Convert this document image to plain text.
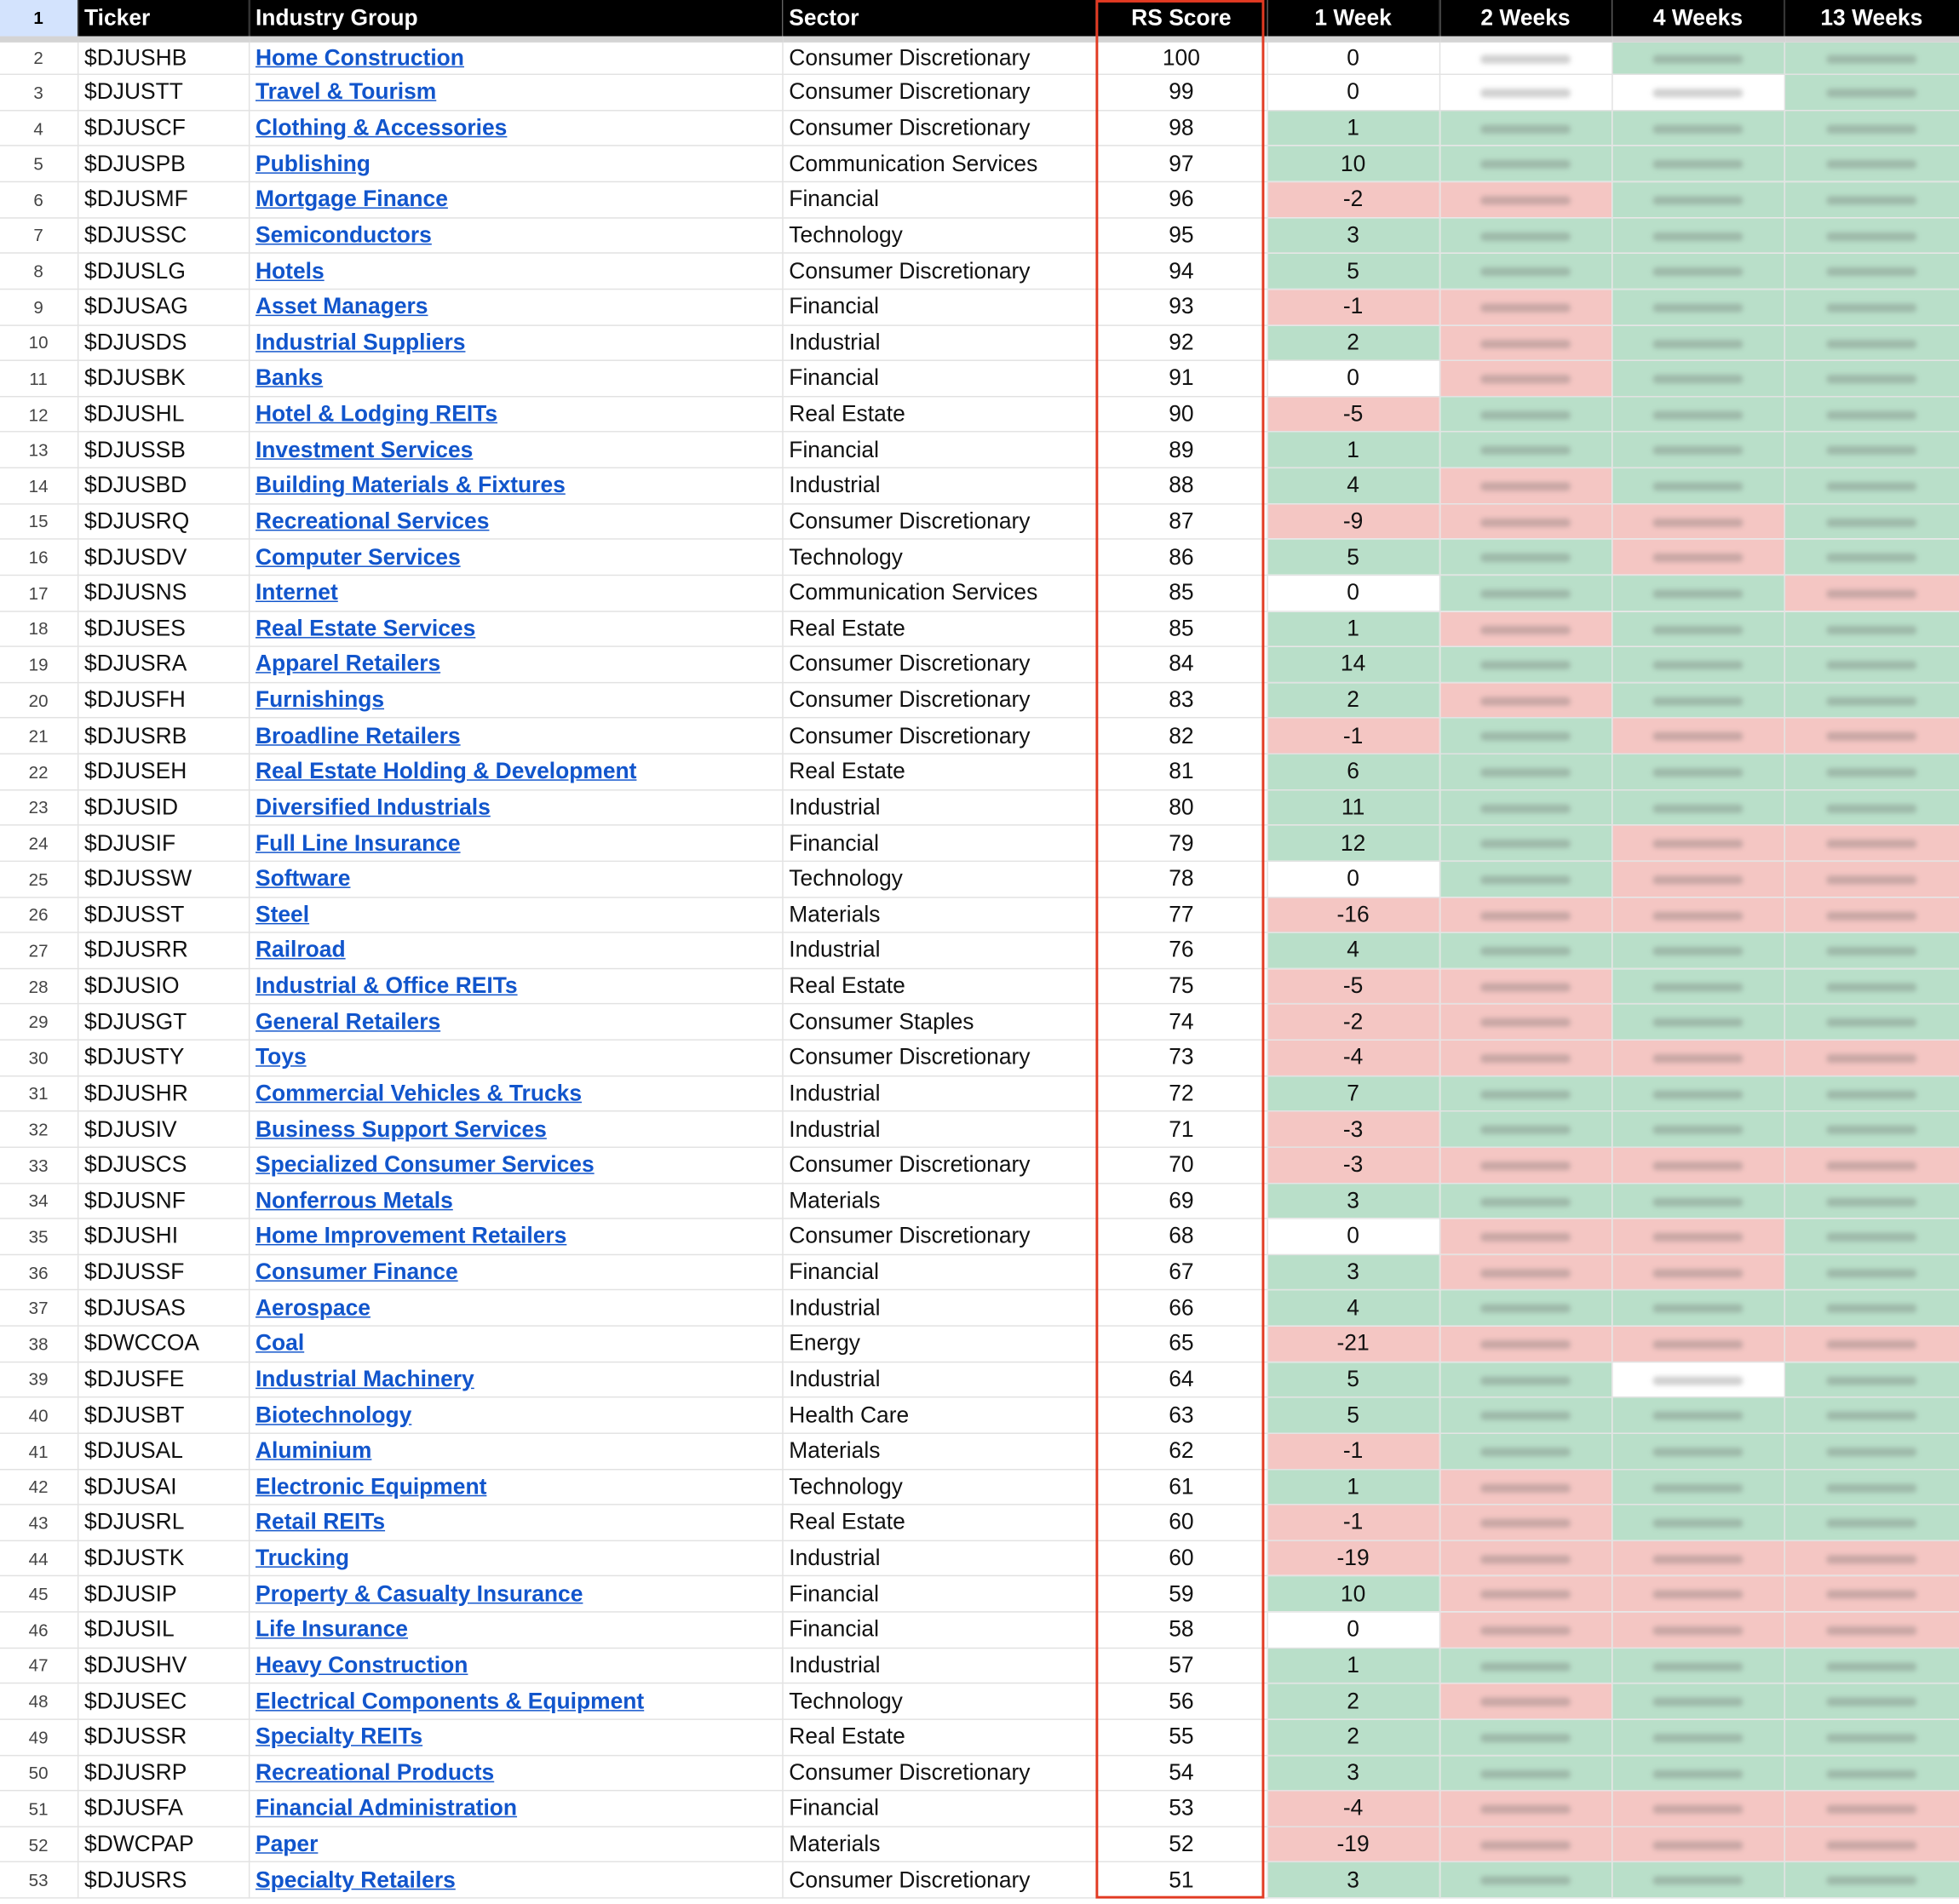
1	Ticker	Industry Group	Sector	RS Score	1 Week	2 Weeks	4 Weeks	13 Weeks
2	$DJUSHB	Home Construction	Consumer Discretionary	100	0			
3	$DJUSTT	Travel & Tourism	Consumer Discretionary	99	0			
4	$DJUSCF	Clothing & Accessories	Consumer Discretionary	98	1			
5	$DJUSPB	Publishing	Communication Services	97	10			
6	$DJUSMF	Mortgage Finance	Financial	96	-2			
7	$DJUSSC	Semiconductors	Technology	95	3			
8	$DJUSLG	Hotels	Consumer Discretionary	94	5			
9	$DJUSAG	Asset Managers	Financial	93	-1			
10	$DJUSDS	Industrial Suppliers	Industrial	92	2			
11	$DJUSBK	Banks	Financial	91	0			
12	$DJUSHL	Hotel & Lodging REITs	Real Estate	90	-5			
13	$DJUSSB	Investment Services	Financial	89	1			
14	$DJUSBD	Building Materials & Fixtures	Industrial	88	4			
15	$DJUSRQ	Recreational Services	Consumer Discretionary	87	-9			
16	$DJUSDV	Computer Services	Technology	86	5			
17	$DJUSNS	Internet	Communication Services	85	0			
18	$DJUSES	Real Estate Services	Real Estate	85	1			
19	$DJUSRA	Apparel Retailers	Consumer Discretionary	84	14			
20	$DJUSFH	Furnishings	Consumer Discretionary	83	2			
21	$DJUSRB	Broadline Retailers	Consumer Discretionary	82	-1			
22	$DJUSEH	Real Estate Holding & Development	Real Estate	81	6			
23	$DJUSID	Diversified Industrials	Industrial	80	11			
24	$DJUSIF	Full Line Insurance	Financial	79	12			
25	$DJUSSW	Software	Technology	78	0			
26	$DJUSST	Steel	Materials	77	-16			
27	$DJUSRR	Railroad	Industrial	76	4			
28	$DJUSIO	Industrial & Office REITs	Real Estate	75	-5			
29	$DJUSGT	General Retailers	Consumer Staples	74	-2			
30	$DJUSTY	Toys	Consumer Discretionary	73	-4			
31	$DJUSHR	Commercial Vehicles & Trucks	Industrial	72	7			
32	$DJUSIV	Business Support Services	Industrial	71	-3			
33	$DJUSCS	Specialized Consumer Services	Consumer Discretionary	70	-3			
34	$DJUSNF	Nonferrous Metals	Materials	69	3			
35	$DJUSHI	Home Improvement Retailers	Consumer Discretionary	68	0			
36	$DJUSSF	Consumer Finance	Financial	67	3			
37	$DJUSAS	Aerospace	Industrial	66	4			
38	$DWCCOA	Coal	Energy	65	-21			
39	$DJUSFE	Industrial Machinery	Industrial	64	5			
40	$DJUSBT	Biotechnology	Health Care	63	5			
41	$DJUSAL	Aluminium	Materials	62	-1			
42	$DJUSAI	Electronic Equipment	Technology	61	1			
43	$DJUSRL	Retail REITs	Real Estate	60	-1			
44	$DJUSTK	Trucking	Industrial	60	-19			
45	$DJUSIP	Property & Casualty Insurance	Financial	59	10			
46	$DJUSIL	Life Insurance	Financial	58	0			
47	$DJUSHV	Heavy Construction	Industrial	57	1			
48	$DJUSEC	Electrical Components & Equipment	Technology	56	2			
49	$DJUSSR	Specialty REITs	Real Estate	55	2			
50	$DJUSRP	Recreational Products	Consumer Discretionary	54	3			
51	$DJUSFA	Financial Administration	Financial	53	-4			
52	$DWCPAP	Paper	Materials	52	-19			
53	$DJUSRS	Specialty Retailers	Consumer Discretionary	51	3			
